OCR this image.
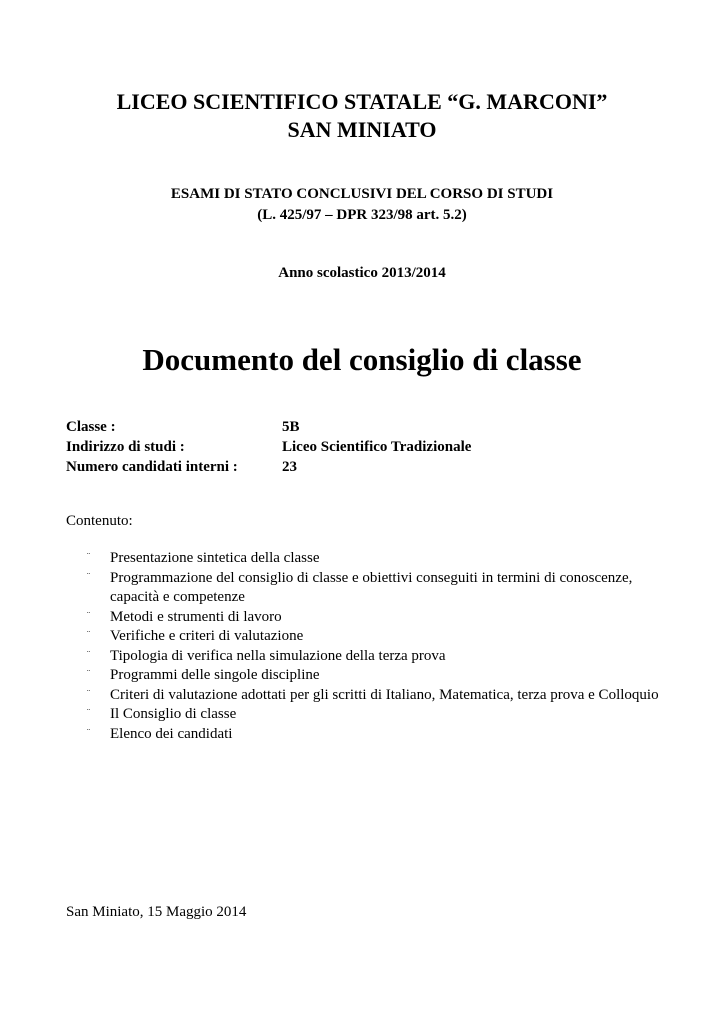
LICEO SCIENTIFICO STATALE “G. MARCONI”
SAN MINIATO
ESAMI DI STATO CONCLUSIVI DEL CORSO DI STUDI
(L. 425/97 – DPR 323/98 art. 5.2)
Anno scolastico 2013/2014
Documento del consiglio di classe
Classe :	5B
Indirizzo di studi :	Liceo Scientifico Tradizionale
Numero candidati interni :	23
Contenuto:
¨	Presentazione sintetica della classe
¨	Programmazione del consiglio di classe e obiettivi conseguiti in termini di conoscenze, capacità e competenze
¨	Metodi e strumenti di lavoro
¨	Verifiche e criteri di valutazione
¨	Tipologia di verifica nella simulazione della terza prova
¨	Programmi delle singole discipline
¨	Criteri di valutazione adottati per gli scritti di Italiano, Matematica, terza prova e Colloquio
¨	Il Consiglio di classe
¨	Elenco dei candidati
San Miniato, 15 Maggio 2014
